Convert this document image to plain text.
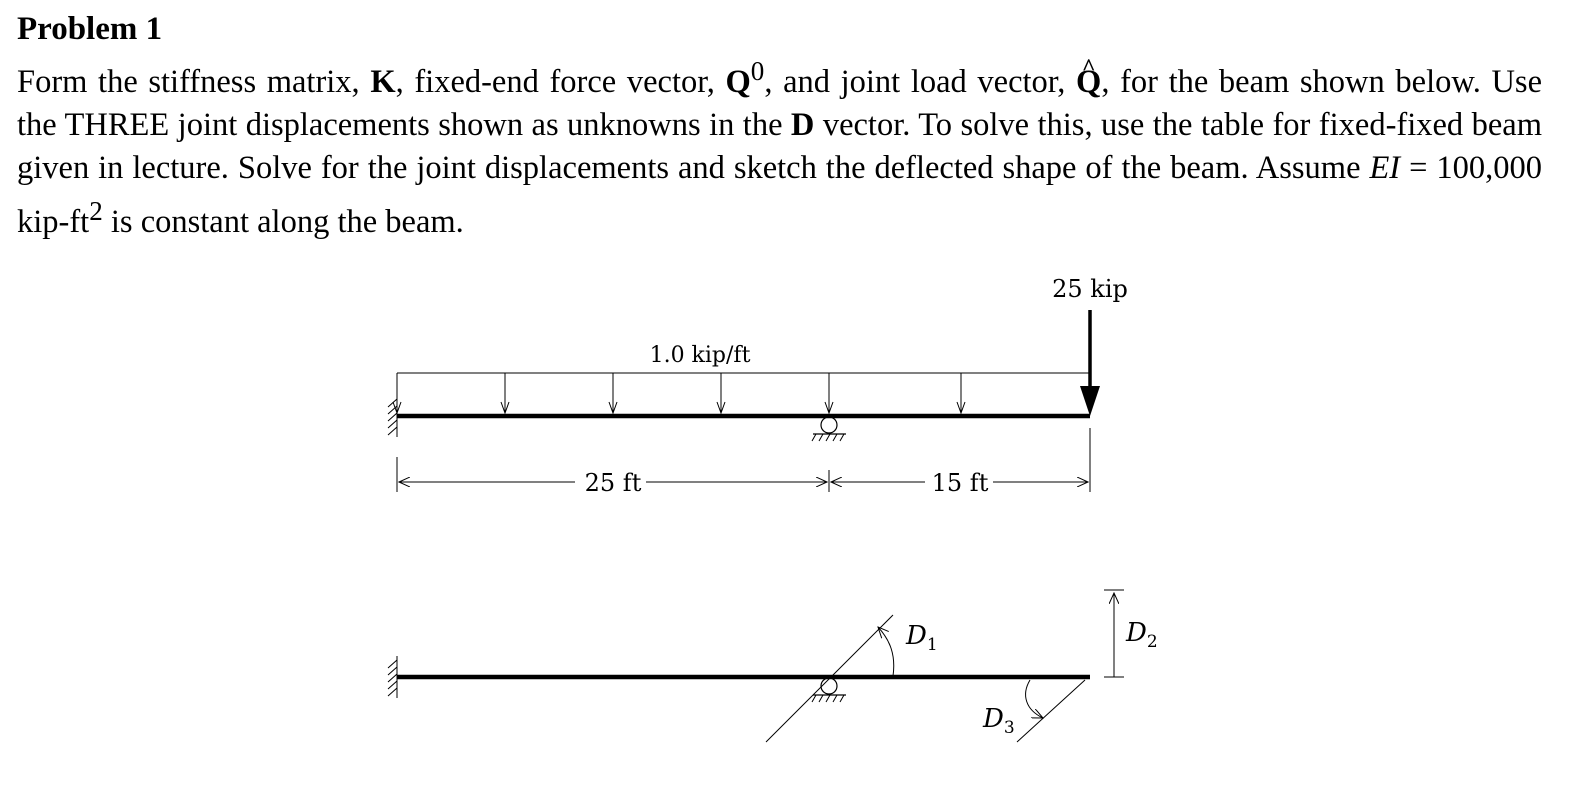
Problem 1

Form the stiffness matrix, K, fixed-end force vector, $Q^0$, and joint load vector, ^ Q, for the beam shown below. Use the THREE joint displacements shown as unknowns in the D vector. To solve this, use the table for fixed-fixed beam given in lecture. Solve for the joint displacements and sketch the deflected shape of the beam. Assume EI = 100,000 kip-$ft^2$ is constant along the beam.

1.0 kip/ft
25 kip
25 ft	15 ft
$D_1$
$D_3$
$D_2$
